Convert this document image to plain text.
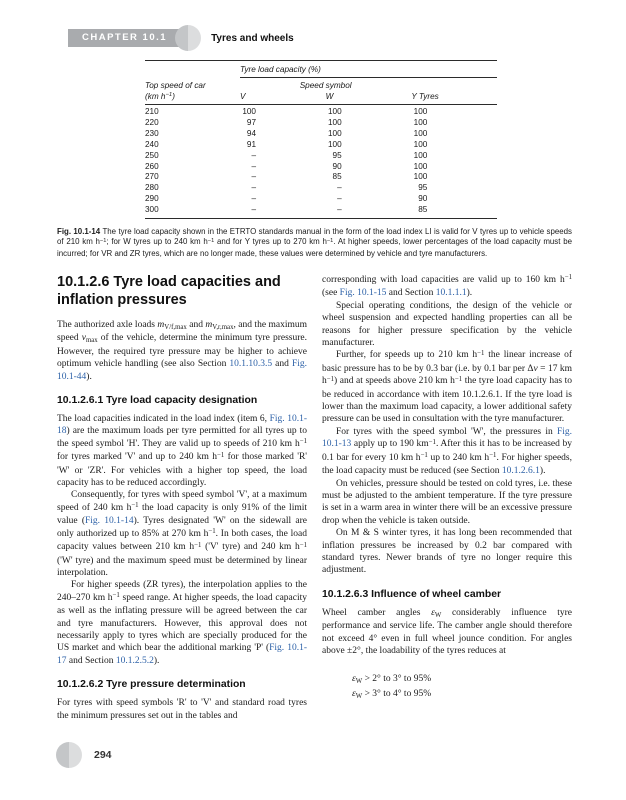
CHAPTER 10.1	Tyres and wheels
	Tyre load capacity (%)		

Top speed of car
(km $h^{-1}$)	Speed symbol		
	V	W	Y Tyres
210	100	100	100
220	97	100	100
230	94	100	100
240	91	100	100
250	–	95	100
260	–	90	100
270	–	85	100
280	–	–	95
290	–	–	90
300	–	–	85

Fig. 10.1-14 The tyre load capacity shown in the ETRTO standards manual in the form of the load index LI is valid for V tyres up to vehicle speeds of 210 km $h^{-1}$; for W tyres up to 240 km $h^{-1}$ and for Y tyres up to 270 km $h^{-1}$. At higher speeds, lower percentages of the load capacity must be incurred; for VR and ZR tyres, which are no longer made, these values were determined by vehicle and tyre manufacturers.

10.1.2.6 Tyre load capacities and inflation pressures

The authorized axle loads mV/f,max and mV,r,max, and the maximum speed vmax of the vehicle, determine the minimum tyre pressure. However, the required tyre pressure may be higher to achieve optimum vehicle handling (see also Section 10.1.10.3.5 and Fig. 10.1-44).

10.1.2.6.1 Tyre load capacity designation

The load capacities indicated in the load index (item 6, Fig. 10.1-18) are the maximum loads per tyre permitted for all tyres up to the speed symbol 'H'. They are valid up to speeds of 210 km $h^{-1}$ for tyres marked 'V' and up to 240 km $h^{-1}$ for those marked 'R' 'W' or 'ZR'. For vehicles with a higher top speed, the load capacity has to be reduced accordingly.

Consequently, for tyres with speed symbol 'V', at a maximum speed of 240 km $h^{-1}$ the load capacity is only 91% of the limit value (Fig. 10.1-14). Tyres designated 'W' on the sidewall are only authorized up to 85% at 270 km $h^{-1}$. In both cases, the load capacity values between 210 km $h^{-1}$ ('V' tyre) and 240 km $h^{-1}$ ('W' tyre) and the maximum speed must be determined by linear interpolation.

For higher speeds (ZR tyres), the interpolation applies to the 240–270 km $h^{-1}$ speed range. At higher speeds, the load capacity as well as the inflating pressure will be agreed between the car and tyre manufacturers. However, this approval does not necessarily apply to tyres which are specially produced for the US market and which bear the additional marking 'P' (Fig. 10.1-17 and Section 10.1.2.5.2).

10.1.2.6.2 Tyre pressure determination

For tyres with speed symbols 'R' to 'V' and standard road tyres the minimum pressures set out in the tables and

corresponding with load capacities are valid up to 160 km $h^{-1}$ (see Fig. 10.1-15 and Section 10.1.1.1).

Special operating conditions, the design of the vehicle or wheel suspension and expected handling properties can all be reasons for higher pressure specification by the vehicle manufacturer.

Further, for speeds up to 210 km $h^{-1}$ the linear increase of basic pressure has to be by 0.3 bar (i.e. by 0.1 bar per Δv = 17 km $h^{-1}$) and at speeds above 210 km $h^{-1}$ the tyre load capacity has to be reduced in accordance with item 10.1.2.6.1. If the tyre load is lower than the maximum load capacity, a lower additional safety pressure can be used in consultation with the tyre manufacturer.

For tyres with the speed symbol 'W', the pressures in Fig. 10.1-13 apply up to 190 $km^{-1}$. After this it has to be increased by 0.1 bar for every 10 km $h^{-1}$ up to 240 km $h^{-1}$. For higher speeds, the load capacity must be reduced (see Section 10.1.2.6.1).

On vehicles, pressure should be tested on cold tyres, i.e. these must be adjusted to the ambient temperature. If the tyre pressure is set in a warm area in winter there will be an excessive pressure drop when the vehicle is taken outside.

On M & S winter tyres, it has long been recommended that inflation pressures be increased by 0.2 bar compared with standard tyres. Newer brands of tyre no longer require this adjustment.

10.1.2.6.3 Influence of wheel camber

Wheel camber angles εW considerably influence tyre performance and service life. The camber angle should therefore not exceed 4° even in full wheel jounce condition. For angles above ±2°, the loadability of the tyres reduces at

εW > 2° to 3° to 95%

εW > 3° to 4° to 95%

294
